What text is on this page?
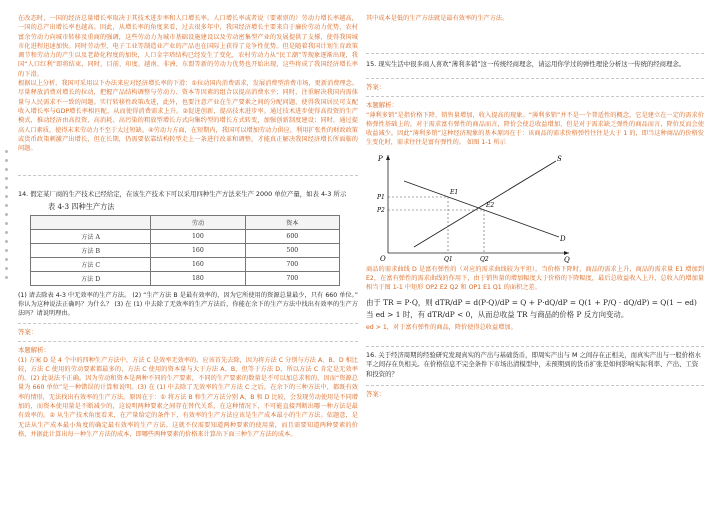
在改态时，一国的经济总量增长率取决于其技术进步率和人口增长率。人口增长率或者说（要素禀的）劳动力增长率越高，一国的总产出增长率也越高。因此，从增长率的角度来看，过去很多年中，我国经济增长主要来自于廉价劳动力优势、农村富余劳动力向城市转移及重商的强调，这些劳动力为城市基础设施建设以及劳动密集型产业的发展提供了支撑，使得我国城市化进程迅速加快。同时劳动型、电子工业等制造业产业的产品也在国际上获得了竞争性优势。但是随着我国计划生育政策调节和劳动力的产生以及老龄化程度的加快，人口金字塔结构已经发生了变化，农村劳动力从“民工潮”等现象逐渐出现，我国“人口红利”即将结束，同时，目前、印度、越南、非洲、东盟等新的劳动力优势也开始出现，这些将成了我国经济增长率的下滑。

根据以上分析，我国可采用以下办法来应对经济增长率的下滑：①拉动国内消费需求，发展消费型消费市场，更新消费理念。尽量释放消费对增长的拉动，把握产品结构调整与劳动力、资本等因素的组合以提高消费水平；同时，注重解决我国内需体量与人民需求不一致的问题。实行转移性政策改进，此外，也要注意产业在生产要素之间的分配问题，使得我国居民可支配收入增长率与GDP增长率相匹配，从而使得消费需求上升。②促进创新，提高技术进步率。通过技术进步使得高投资的生产模式，推动经济由高投资、高消耗、高污染的粗放型增长方式向集约型的增长方式转变，加强创新制度建设；同时，通过提高人口素质，使得未来劳动力不至于太过短缺。④劳动力方面，在短期内，我国可以增加劳动力供应，利用扩张性的财政政策或货币政策刺激产出增长，但在长期，仍需要依靠结构转型走上一条进行改革和调整，才能真正解决我国经济增长所面临的问题。

14. 假定某厂商的生产技术已经给定，在该生产技术下可以采用四种生产方法来生产 2000 单位产量，如表 4-3 所示

表 4-3 四种生产方法
	劳动	资本
方法 A	100	600
方法 B	160	500
方法 C	160	700
方法 D	180	700

(1) 请去除表 4-3 中无效率的生产方法。 (2) “生产方法 B 是最有效率的，因为它所使用的资源总量最少，只有 660 单位。” 你认为这种说法正确吗？为什么？ (3) 在 (1) 中去除了无效率的生产方法后，你能在余下的生产方法中找出有效率的生产方法吗？请说明理由。

答案：

本题解析：

(1) 方案 D 是 4 个中的四种生产方法中，方法 C 是效率无效率的，应该首先去除，因为将方法 C 分别与方法 A、B、D 相比较，方法 C 使用的劳动要素都最多的，方法 C 使用的资本量与大于方法 A、B，但等于方法 D，所以方法 C 肯定是无效率的。(2) 此说法不正确。因为劳动和资本是两种不同的生产要素，不同的生产要素的数量是不可以加总求和的，因而“资源总量为 660 单位”是一种错误的计算和说明。(3) 在 (1) 中去除了无效率的生产方法 C 之后，在余下的三种方法中，都既有效率的情形，无法找出有效率的生产方法。原因在于：① 将方法 B 和生产方法分别 A、B 和 D 比较，会发现劳动使用是不同增加的，而资本使用量是不断减少的，这说明两种要素之间存在替代关系，在这种情况下，不可能直接判断出哪一种方法是最有效率的。② 从生产技术角度看来，在产量给定的条件下，有效率的生产方法应该是生产成本最小的生产方法。依题意，是无法从生产成本最小角度的确定最有效率的生产方法。这就不仅需要知道两种要素的使用量，而且需要知道两种要素的价格，并据此计算出每一种生产方法的成本，即哪些两种要素的价格来计算出下面三种生产方法的成本。

其中成本是低的生产方法就是最有效率的生产方法。

15. 现实生活中很多商人喜欢“薄利多销”这一传统经商理念，请运用你学过的弹性理论分析这一传统的经商理念。

答案：

本题解析：

“薄利多销”是指价格下降、销售量增加，收入提高的现象。“薄利多销”并不是一个普适性的概念，它是建立在一定的需求价格弹性基础上的，对于需求富有弹性的商品而言，降价会使总收益增加，但是对于需求缺乏弹性的商品而言，降价反而会使收益减少。因此“薄利多销”这种经济现象的基本原因在于：该商品的需求价格弹性往往是大于 1 的，即当这种商品的价格发生变化时，需求往往是富有弹性的。 如图 1-1 所示

P
Q
O
S
D
P1
P2
Q1	Q2
E1
E2

商品的需求曲线 D 是富有弹性的（对应的需求曲线较为平坦）。当价格下降时，商品的需求上升，商品的需求量 E1 增加到 E2，在富有弹性的需求曲线的作用下，由于销售量的增加幅度大于价格的下降幅度，最后总收益收入上升，总收入的增加量相当于图 1-1 中矩形 OP2 E2 Q2 和 OP1 E1 Q1 的面积之差。

由于 TR = P·Q，则 dTR/dP = d(P·Q)/dP = Q + P·dQ/dP = Q(1 + P/Q · dQ/dP) = Q(1 − ed)

当 ed > 1 时，有 dTR/dP < 0，从而总收益 TR 与商品的价格 P 反方向变动。

ed > 1，对于富有弹性的商品，降价使得总收益增加。

16. 关于经济周期的经验研究发现真实的产出与基础货币，即周实产出与 M 之间存在正相关，而真实产出与一般价格水平之间存在负相关。在价格信息不完全条件下市场出清模型中，未预期到的货币扩张是如何影响实际利率、产出、工资和投资的？

答案：
